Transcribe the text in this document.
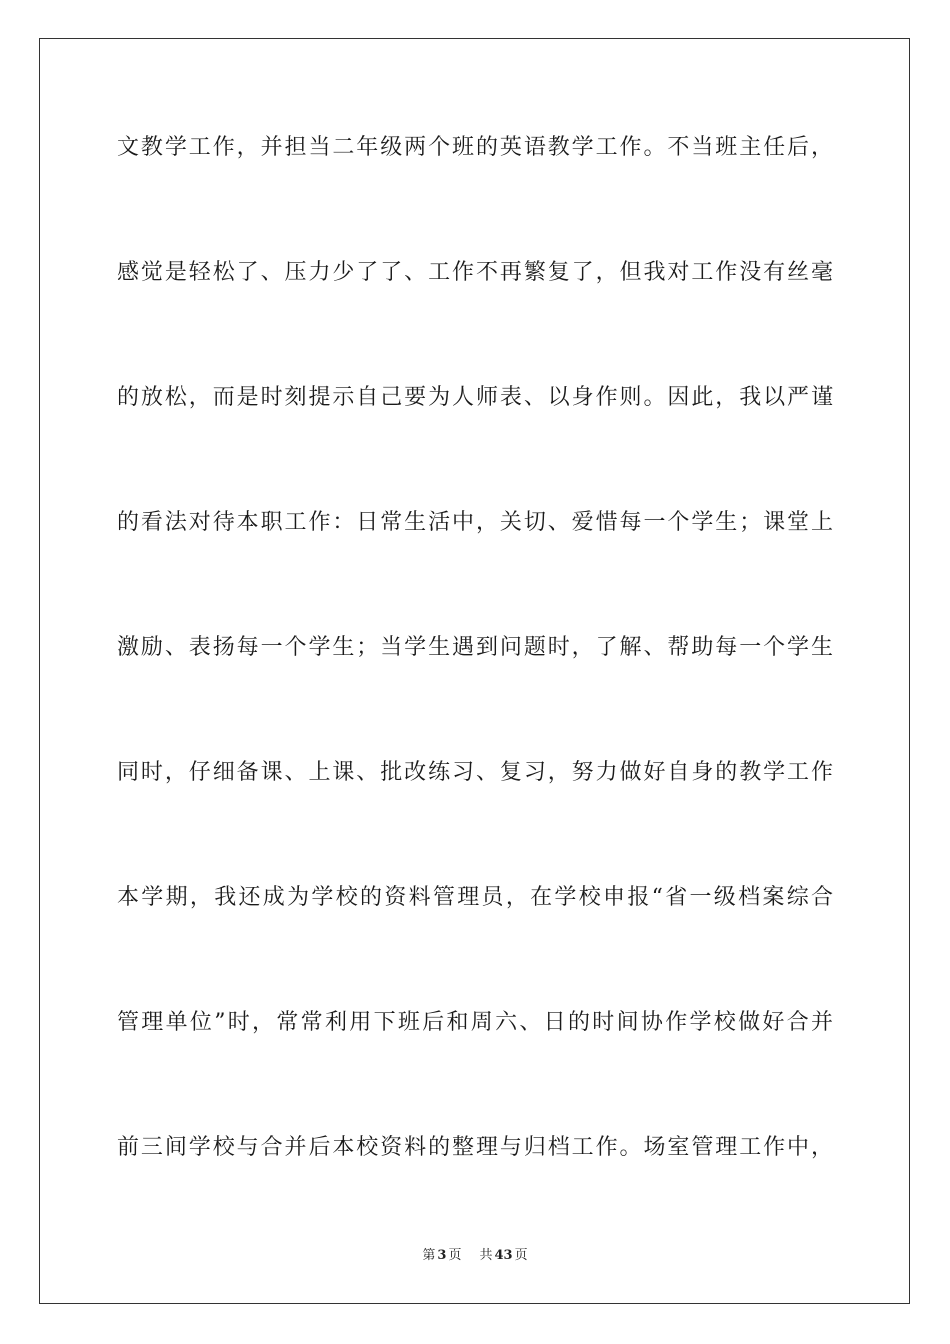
文教学工作，并担当二年级两个班的英语教学工作。不当班主任后，
感觉是轻松了、压力少了了、工作不再繁复了，但我对工作没有丝毫
的放松，而是时刻提示自己要为人师表、以身作则。因此，我以严谨
的看法对待本职工作：日常生活中，关切、爱惜每一个学生；课堂上
激励、表扬每一个学生；当学生遇到问题时，了解、帮助每一个学生
同时，仔细备课、上课、批改练习、复习，努力做好自身的教学工作
本学期，我还成为学校的资料管理员，在学校申报“省一级档案综合
管理单位”时，常常利用下班后和周六、日的时间协作学校做好合并
前三间学校与合并后本校资料的整理与归档工作。场室管理工作中，
第 3 页 共 43 页
